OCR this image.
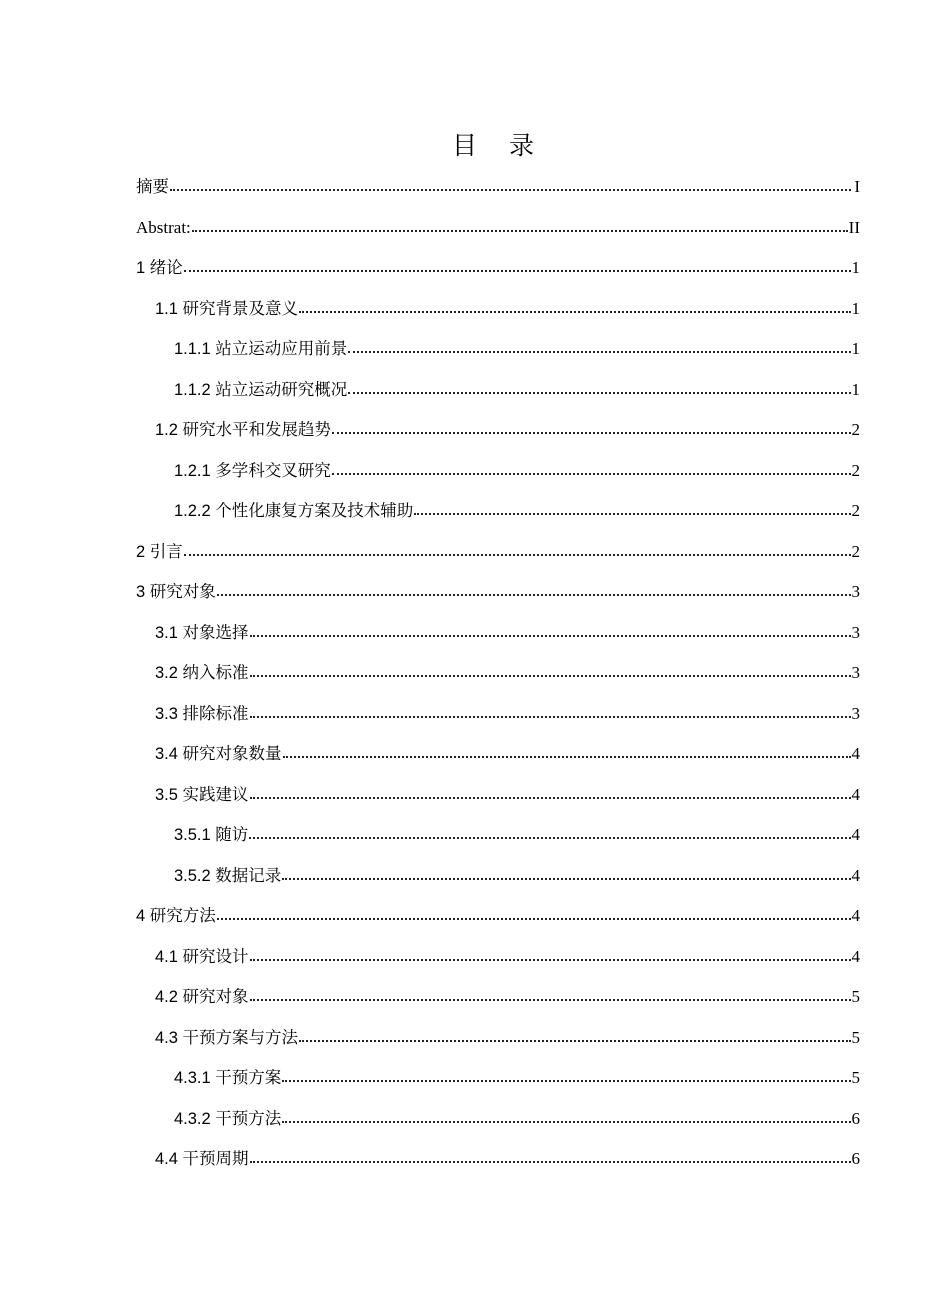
目 录
摘要	I
Abstrat:	II
1 绪论	1
1.1 研究背景及意义	1
1.1.1 站立运动应用前景	1
1.1.2 站立运动研究概况	1
1.2 研究水平和发展趋势	2
1.2.1 多学科交叉研究	2
1.2.2 个性化康复方案及技术辅助	2
2 引言	2
3 研究对象	3
3.1 对象选择	3
3.2 纳入标准	3
3.3 排除标准	3
3.4 研究对象数量	4
3.5 实践建议	4
3.5.1 随访	4
3.5.2 数据记录	4
4 研究方法	4
4.1 研究设计	4
4.2 研究对象	5
4.3 干预方案与方法	5
4.3.1 干预方案	5
4.3.2 干预方法	6
4.4 干预周期	6
